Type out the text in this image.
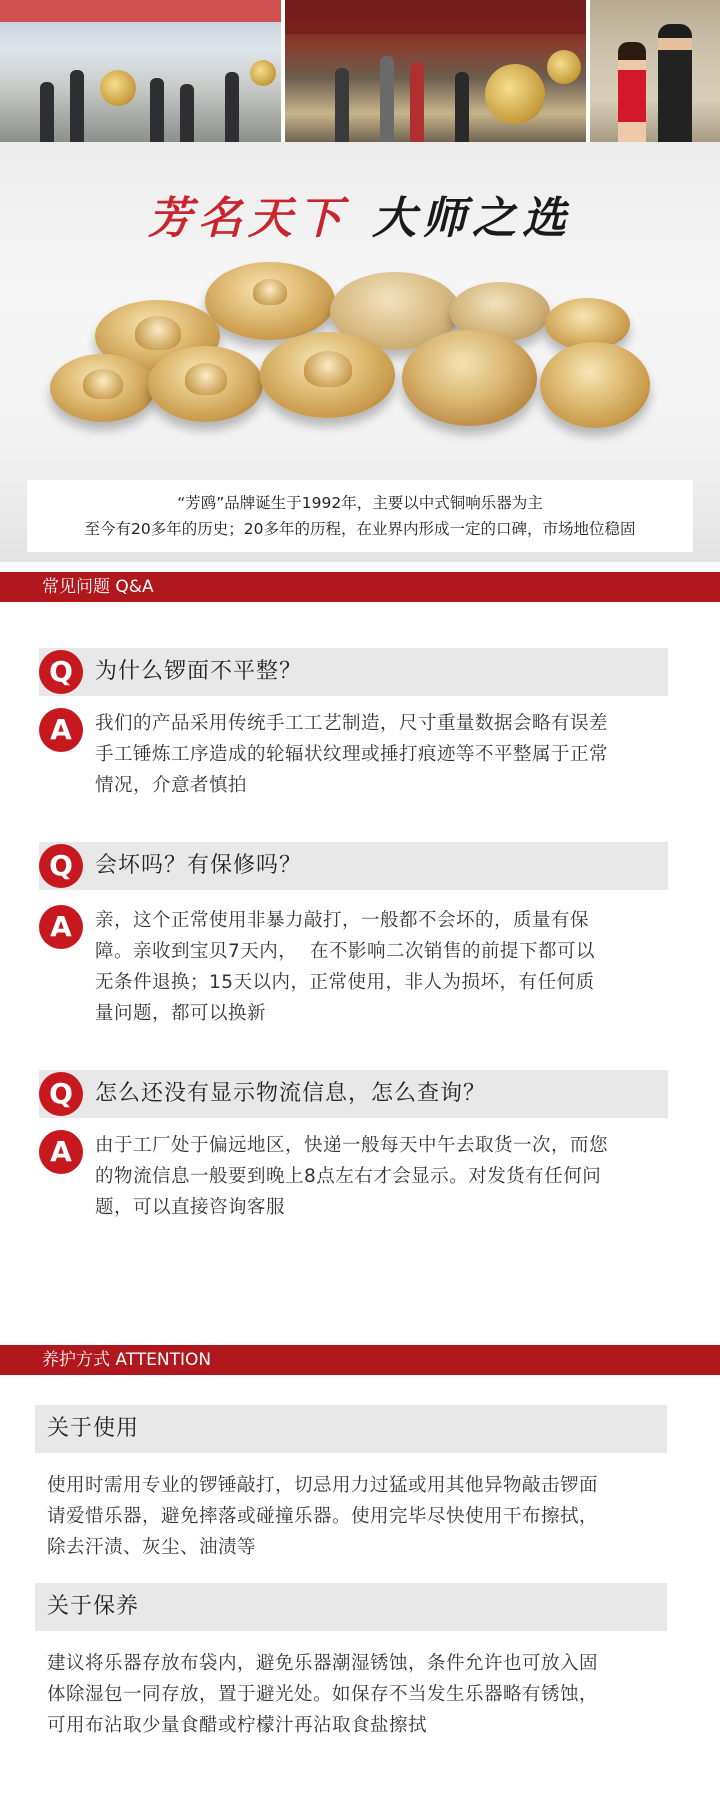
芳名天下 大师之选
“芳鸥”品牌诞生于1992年，主要以中式铜响乐器为主
至今有20多年的历史；20多年的历程，在业界内形成一定的口碑，市场地位稳固
常见问题 Q&A
Q	为什么锣面不平整？
A	我们的产品采用传统手工工艺制造，尺寸重量数据会略有误差
手工锤炼工序造成的轮辐状纹理或捶打痕迹等不平整属于正常
情况，介意者慎拍
Q	会坏吗？有保修吗？
A	亲，这个正常使用非暴力敲打，一般都不会坏的，质量有保
障。亲收到宝贝7天内，  在不影响二次销售的前提下都可以
无条件退换；15天以内，正常使用，非人为损坏，有任何质
量问题，都可以换新
Q	怎么还没有显示物流信息，怎么查询？
A	由于工厂处于偏远地区，快递一般每天中午去取货一次，而您
的物流信息一般要到晚上8点左右才会显示。对发货有任何问
题，可以直接咨询客服
养护方式 ATTENTION
关于使用
使用时需用专业的锣锤敲打，切忌用力过猛或用其他异物敲击锣面
请爱惜乐器，避免摔落或碰撞乐器。使用完毕尽快使用干布擦拭，
除去汗渍、灰尘、油渍等
关于保养
建议将乐器存放布袋内，避免乐器潮湿锈蚀，条件允许也可放入固
体除湿包一同存放，置于避光处。如保存不当发生乐器略有锈蚀，
可用布沾取少量食醋或柠檬汁再沾取食盐擦拭
